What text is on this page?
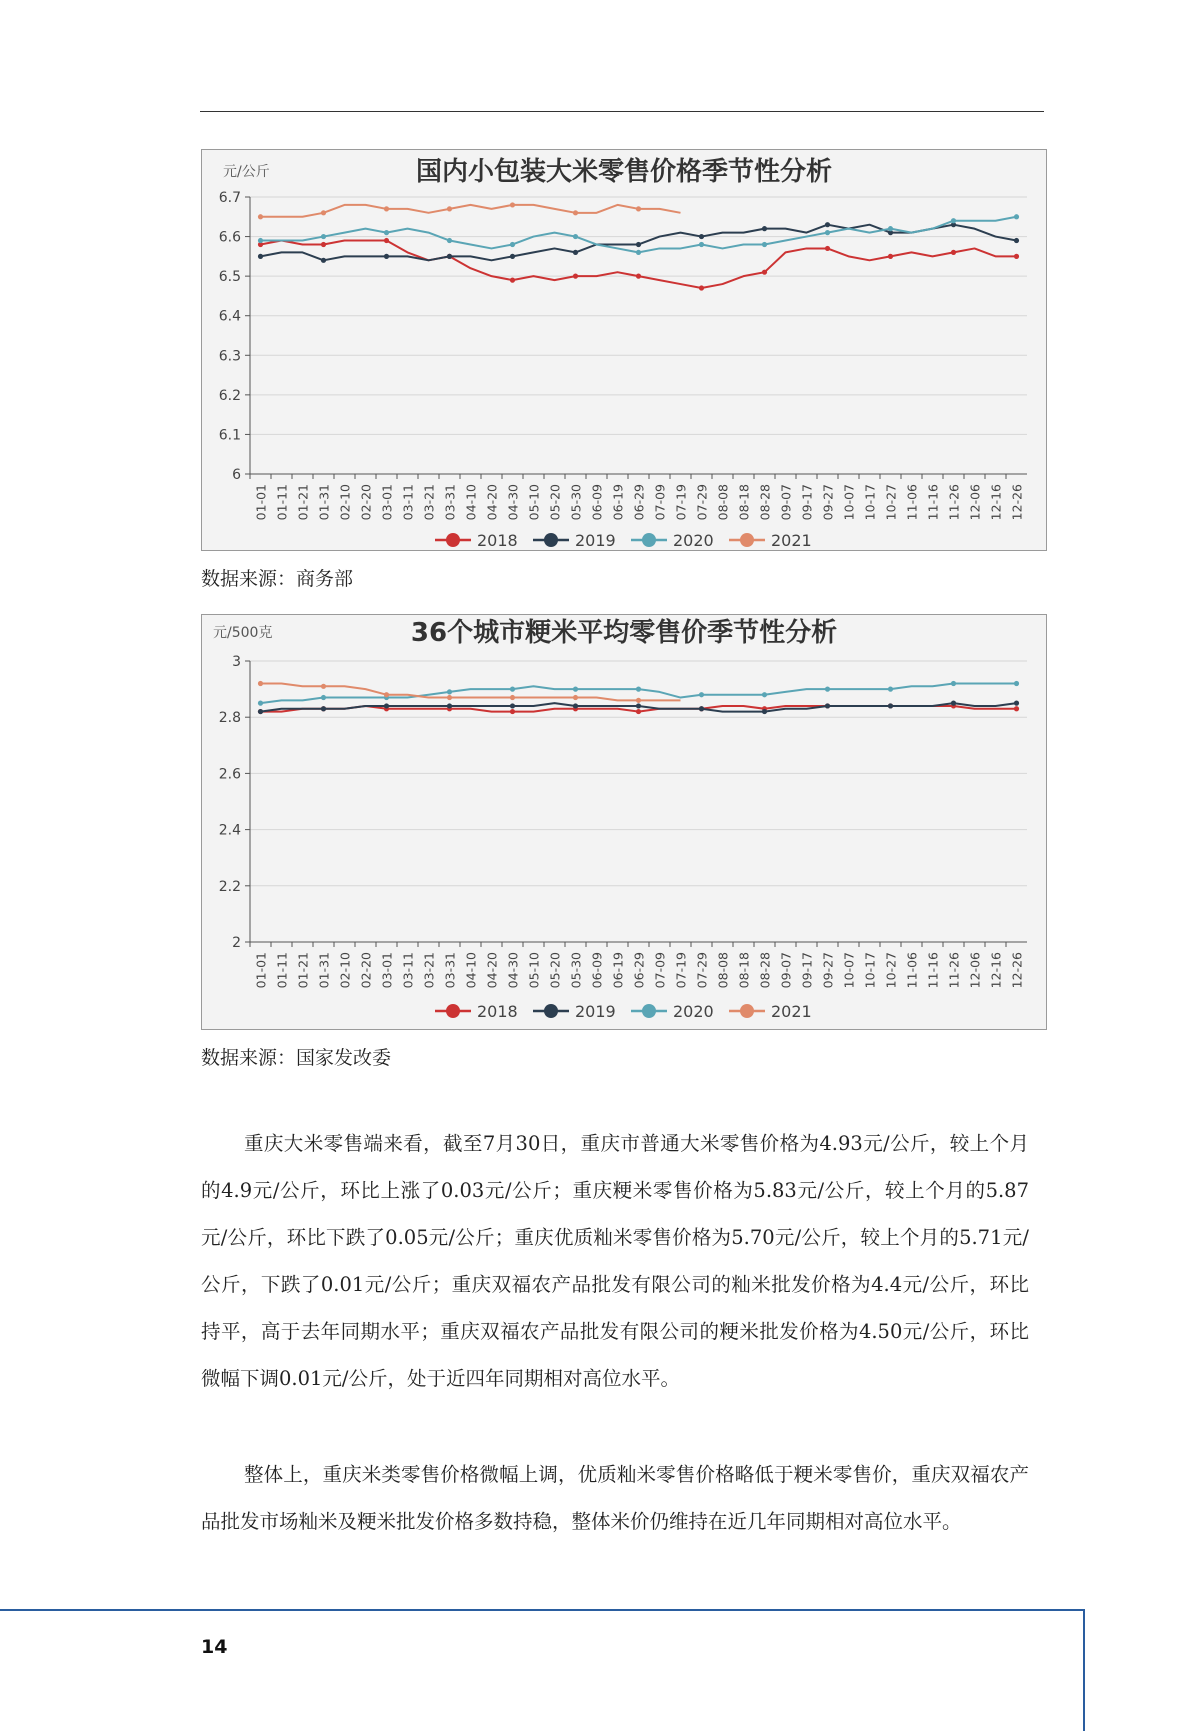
国内小包装大米零售价格季节性分析
元/公斤
6
6.1
6.2
6.3
6.4
6.5
6.6
6.7
01-01 01-11 01-21 01-31 02-10 02-20 03-01 03-11 03-21 03-31 04-10 04-20 04-30 05-10 05-20 05-30 06-09 06-19 06-29 07-09 07-19 07-29 08-08 08-18 08-28 09-07 09-17 09-27 10-07 10-17 10-27 11-06 11-16 11-26 12-06 12-16 12-26
2018	2019	2020	2021
数据来源：商务部
36个城市粳米平均零售价季节性分析
元/500克
2
2.2
2.4
2.6
2.8
3
01-01 01-11 01-21 01-31 02-10 02-20 03-01 03-11 03-21 03-31 04-10 04-20 04-30 05-10 05-20 05-30 06-09 06-19 06-29 07-09 07-19 07-29 08-08 08-18 08-28 09-07 09-17 09-27 10-07 10-17 10-27 11-06 11-16 11-26 12-06 12-16 12-26
2018	2019	2020	2021
数据来源：国家发改委

重庆大米零售端来看，截至7月30日，重庆市普通大米零售价格为4.93元/公斤，较上个月的4.9元/公斤，环比上涨了0.03元/公斤；重庆粳米零售价格为5.83元/公斤，较上个月的5.87元/公斤，环比下跌了0.05元/公斤；重庆优质籼米零售价格为5.70元/公斤，较上个月的5.71元/公斤，下跌了0.01元/公斤；重庆双福农产品批发有限公司的籼米批发价格为4.4元/公斤，环比持平，高于去年同期水平；重庆双福农产品批发有限公司的粳米批发价格为4.50元/公斤，环比微幅下调0.01元/公斤，处于近四年同期相对高位水平。

整体上，重庆米类零售价格微幅上调，优质籼米零售价格略低于粳米零售价，重庆双福农产品批发市场籼米及粳米批发价格多数持稳，整体米价仍维持在近几年同期相对高位水平。

14
